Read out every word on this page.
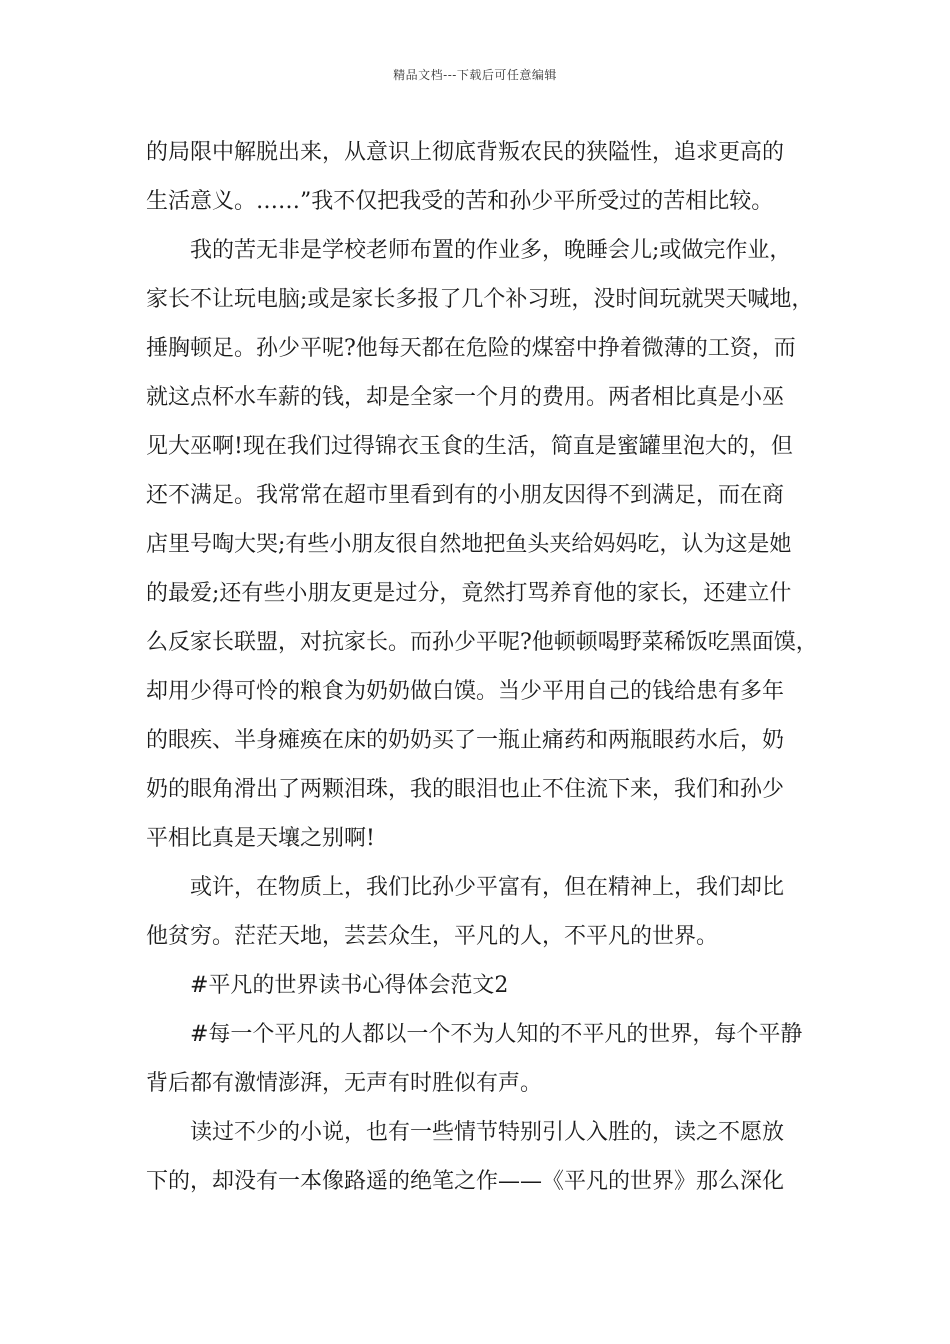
精品文档---下载后可任意编辑
的局限中解脱出来，从意识上彻底背叛农民的狭隘性，追求更高的
生活意义。……”我不仅把我受的苦和孙少平所受过的苦相比较。
我的苦无非是学校老师布置的作业多，晚睡会儿;或做完作业，
家长不让玩电脑;或是家长多报了几个补习班，没时间玩就哭天喊地，
捶胸顿足。孙少平呢?他每天都在危险的煤窑中挣着微薄的工资，而
就这点杯水车薪的钱，却是全家一个月的费用。两者相比真是小巫
见大巫啊!现在我们过得锦衣玉食的生活，简直是蜜罐里泡大的，但
还不满足。我常常在超市里看到有的小朋友因得不到满足，而在商
店里号啕大哭;有些小朋友很自然地把鱼头夹给妈妈吃，认为这是她
的最爱;还有些小朋友更是过分，竟然打骂养育他的家长，还建立什
么反家长联盟，对抗家长。而孙少平呢?他顿顿喝野菜稀饭吃黑面馍，
却用少得可怜的粮食为奶奶做白馍。当少平用自己的钱给患有多年
的眼疾、半身瘫痪在床的奶奶买了一瓶止痛药和两瓶眼药水后，奶
奶的眼角滑出了两颗泪珠，我的眼泪也止不住流下来，我们和孙少
平相比真是天壤之别啊!
或许，在物质上，我们比孙少平富有，但在精神上，我们却比
他贫穷。茫茫天地，芸芸众生，平凡的人，不平凡的世界。
#平凡的世界读书心得体会范文2
#每一个平凡的人都以一个不为人知的不平凡的世界，每个平静
背后都有激情澎湃，无声有时胜似有声。
读过不少的小说，也有一些情节特别引人入胜的，读之不愿放
下的，却没有一本像路遥的绝笔之作——《平凡的世界》那么深化
